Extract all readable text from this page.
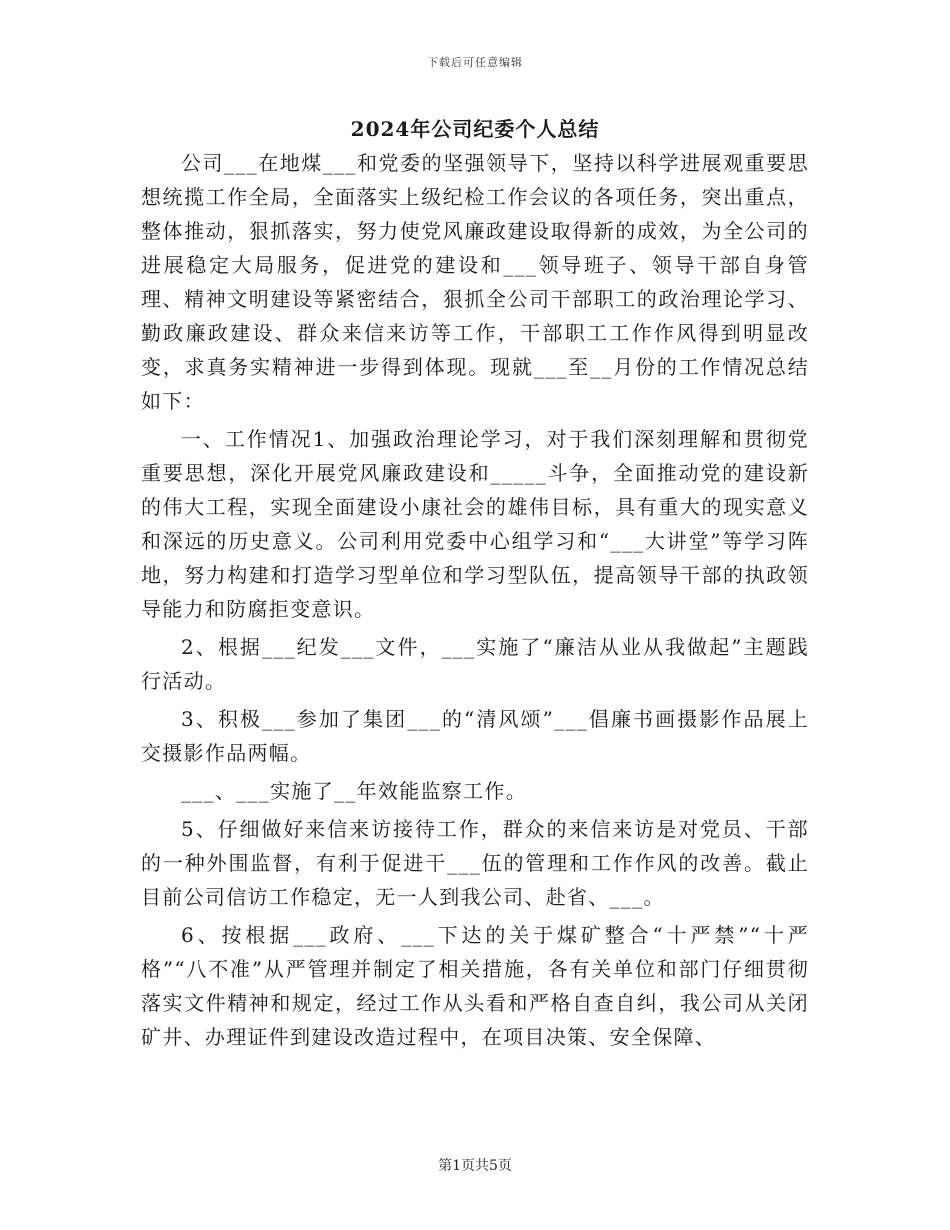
下载后可任意编辑
2024年公司纪委个人总结

公司___在地煤___和党委的坚强领导下，坚持以科学进展观重要思想统揽工作全局，全面落实上级纪检工作会议的各项任务，突出重点，整体推动，狠抓落实，努力使党风廉政建设取得新的成效，为全公司的进展稳定大局服务，促进党的建设和___领导班子、领导干部自身管理、精神文明建设等紧密结合，狠抓全公司干部职工的政治理论学习、勤政廉政建设、群众来信来访等工作，干部职工工作作风得到明显改变，求真务实精神进一步得到体现。现就___至__月份的工作情况总结如下：

一、工作情况1、加强政治理论学习，对于我们深刻理解和贯彻党重要思想，深化开展党风廉政建设和_____斗争，全面推动党的建设新的伟大工程，实现全面建设小康社会的雄伟目标，具有重大的现实意义和深远的历史意义。公司利用党委中心组学习和“___大讲堂”等学习阵地，努力构建和打造学习型单位和学习型队伍，提高领导干部的执政领导能力和防腐拒变意识。

2、根据___纪发___文件，___实施了“廉洁从业从我做起”主题践行活动。

3、积极___参加了集团___的“清风颂”___倡廉书画摄影作品展上交摄影作品两幅。

___、___实施了__年效能监察工作。

5、仔细做好来信来访接待工作，群众的来信来访是对党员、干部的一种外围监督，有利于促进干___伍的管理和工作作风的改善。截止目前公司信访工作稳定，无一人到我公司、赴省、___。

6、按根据___政府、___下达的关于煤矿整合“十严禁”“十严格”“八不准”从严管理并制定了相关措施，各有关单位和部门仔细贯彻落实文件精神和规定，经过工作从头看和严格自查自纠，我公司从关闭矿井、办理证件到建设改造过程中，在项目决策、安全保障、

第1页共5页
